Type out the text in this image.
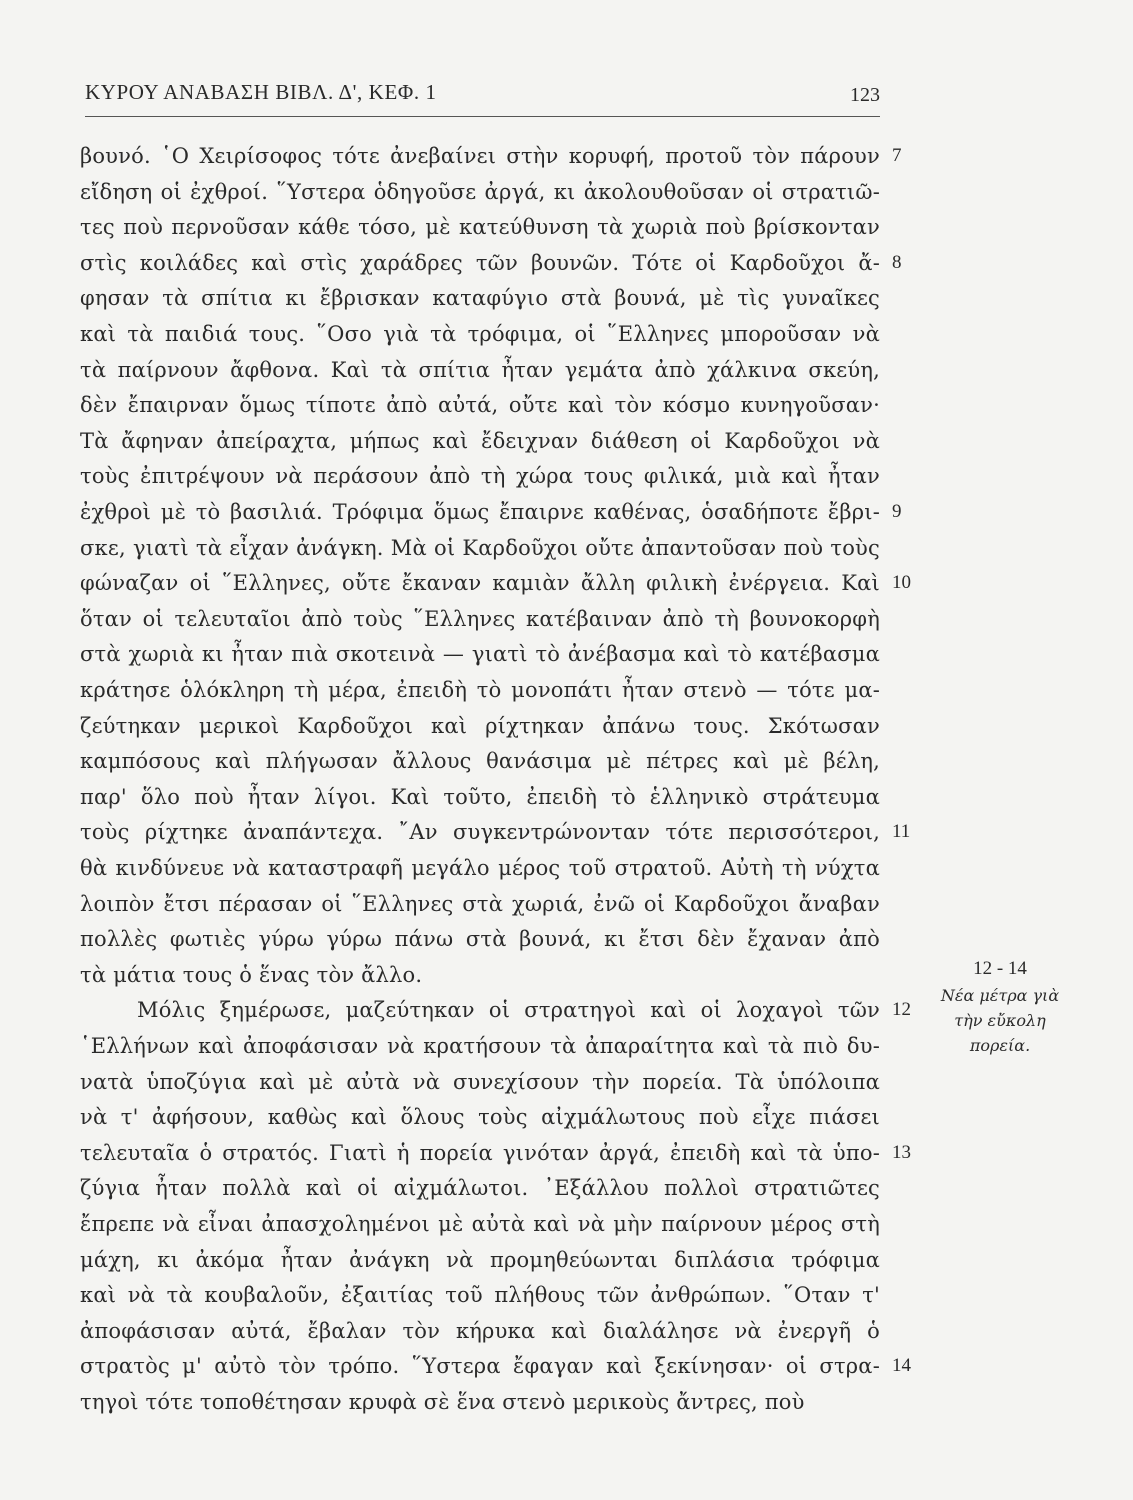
ΚΥΡΟΥ ΑΝΑΒΑΣΗ ΒΙΒΛ. Δ', ΚΕΦ. 1	123
βουνό. ῾Ο Χειρίσοφος τότε ἀνεβαίνει στὴν κορυφή, προτοῦ τὸν πάρουν
εἴδηση οἱ ἐχθροί. ῞Υστερα ὁδηγοῦσε ἀργά, κι ἀκολουθοῦσαν οἱ στρατιῶ-
τες ποὺ περνοῦσαν κάθε τόσο, μὲ κατεύθυνση τὰ χωριὰ ποὺ βρίσκονταν
στὶς κοιλάδες καὶ στὶς χαράδρες τῶν βουνῶν. Τότε οἱ Καρδοῦχοι ἄ-
φησαν τὰ σπίτια κι ἔβρισκαν καταφύγιο στὰ βουνά, μὲ τὶς γυναῖκες
καὶ τὰ παιδιά τους. ῞Οσο γιὰ τὰ τρόφιμα, οἱ ῞Ελληνες μποροῦσαν νὰ
τὰ παίρνουν ἄφθονα. Καὶ τὰ σπίτια ἦταν γεμάτα ἀπὸ χάλκινα σκεύη,
δὲν ἔπαιρναν ὅμως τίποτε ἀπὸ αὐτά, οὔτε καὶ τὸν κόσμο κυνηγοῦσαν·
Τὰ ἄφηναν ἀπείραχτα, μήπως καὶ ἔδειχναν διάθεση οἱ Καρδοῦχοι νὰ
τοὺς ἐπιτρέψουν νὰ περάσουν ἀπὸ τὴ χώρα τους φιλικά, μιὰ καὶ ἦταν
ἐχθροὶ μὲ τὸ βασιλιά. Τρόφιμα ὅμως ἔπαιρνε καθένας, ὁσαδήποτε ἔβρι-
σκε, γιατὶ τὰ εἶχαν ἀνάγκη. Μὰ οἱ Καρδοῦχοι οὔτε ἀπαντοῦσαν ποὺ τοὺς
φώναζαν οἱ ῞Ελληνες, οὔτε ἔκαναν καμιὰν ἄλλη φιλικὴ ἐνέργεια. Καὶ
ὅταν οἱ τελευταῖοι ἀπὸ τοὺς ῞Ελληνες κατέβαιναν ἀπὸ τὴ βουνοκορφὴ
στὰ χωριὰ κι ἦταν πιὰ σκοτεινὰ — γιατὶ τὸ ἀνέβασμα καὶ τὸ κατέβασμα
κράτησε ὁλόκληρη τὴ μέρα, ἐπειδὴ τὸ μονοπάτι ἦταν στενὸ — τότε μα-
ζεύτηκαν μερικοὶ Καρδοῦχοι καὶ ρίχτηκαν ἀπάνω τους. Σκότωσαν
καμπόσους καὶ πλήγωσαν ἄλλους θανάσιμα μὲ πέτρες καὶ μὲ βέλη,
παρ' ὅλο ποὺ ἦταν λίγοι. Καὶ τοῦτο, ἐπειδὴ τὸ ἑλληνικὸ στράτευμα
τοὺς ρίχτηκε ἀναπάντεχα. ῎Αν συγκεντρώνονταν τότε περισσότεροι,
θὰ κινδύνευε νὰ καταστραφῆ μεγάλο μέρος τοῦ στρατοῦ. Αὐτὴ τὴ νύχτα
λοιπὸν ἔτσι πέρασαν οἱ ῞Ελληνες στὰ χωριά, ἐνῶ οἱ Καρδοῦχοι ἄναβαν
πολλὲς φωτιὲς γύρω γύρω πάνω στὰ βουνά, κι ἔτσι δὲν ἔχαναν ἀπὸ
τὰ μάτια τους ὁ ἕνας τὸν ἄλλο.
Μόλις ξημέρωσε, μαζεύτηκαν οἱ στρατηγοὶ καὶ οἱ λοχαγοὶ τῶν
῾Ελλήνων καὶ ἀποφάσισαν νὰ κρατήσουν τὰ ἀπαραίτητα καὶ τὰ πιὸ δυ-
νατὰ ὑποζύγια καὶ μὲ αὐτὰ νὰ συνεχίσουν τὴν πορεία. Τὰ ὑπόλοιπα
νὰ τ' ἀφήσουν, καθὼς καὶ ὅλους τοὺς αἰχμάλωτους ποὺ εἶχε πιάσει
τελευταῖα ὁ στρατός. Γιατὶ ἡ πορεία γινόταν ἀργά, ἐπειδὴ καὶ τὰ ὑπο-
ζύγια ἦταν πολλὰ καὶ οἱ αἰχμάλωτοι. ᾽Εξάλλου πολλοὶ στρατιῶτες
ἔπρεπε νὰ εἶναι ἀπασχολημένοι μὲ αὐτὰ καὶ νὰ μὴν παίρνουν μέρος στὴ
μάχη, κι ἀκόμα ἦταν ἀνάγκη νὰ προμηθεύωνται διπλάσια τρόφιμα
καὶ νὰ τὰ κουβαλοῦν, ἐξαιτίας τοῦ πλήθους τῶν ἀνθρώπων. ῞Οταν τ'
ἀποφάσισαν αὐτά, ἔβαλαν τὸν κήρυκα καὶ διαλάλησε νὰ ἐνεργῆ ὁ
στρατὸς μ' αὐτὸ τὸν τρόπο. ῞Υστερα ἔφαγαν καὶ ξεκίνησαν· οἱ στρα-
τηγοὶ τότε τοποθέτησαν κρυφὰ σὲ ἕνα στενὸ μερικοὺς ἄντρες, ποὺ
7
8
9
10
11
12
13
14
12 - 14
Νέα μέτρα γιὰ
τὴν εὔκολη
πορεία.
